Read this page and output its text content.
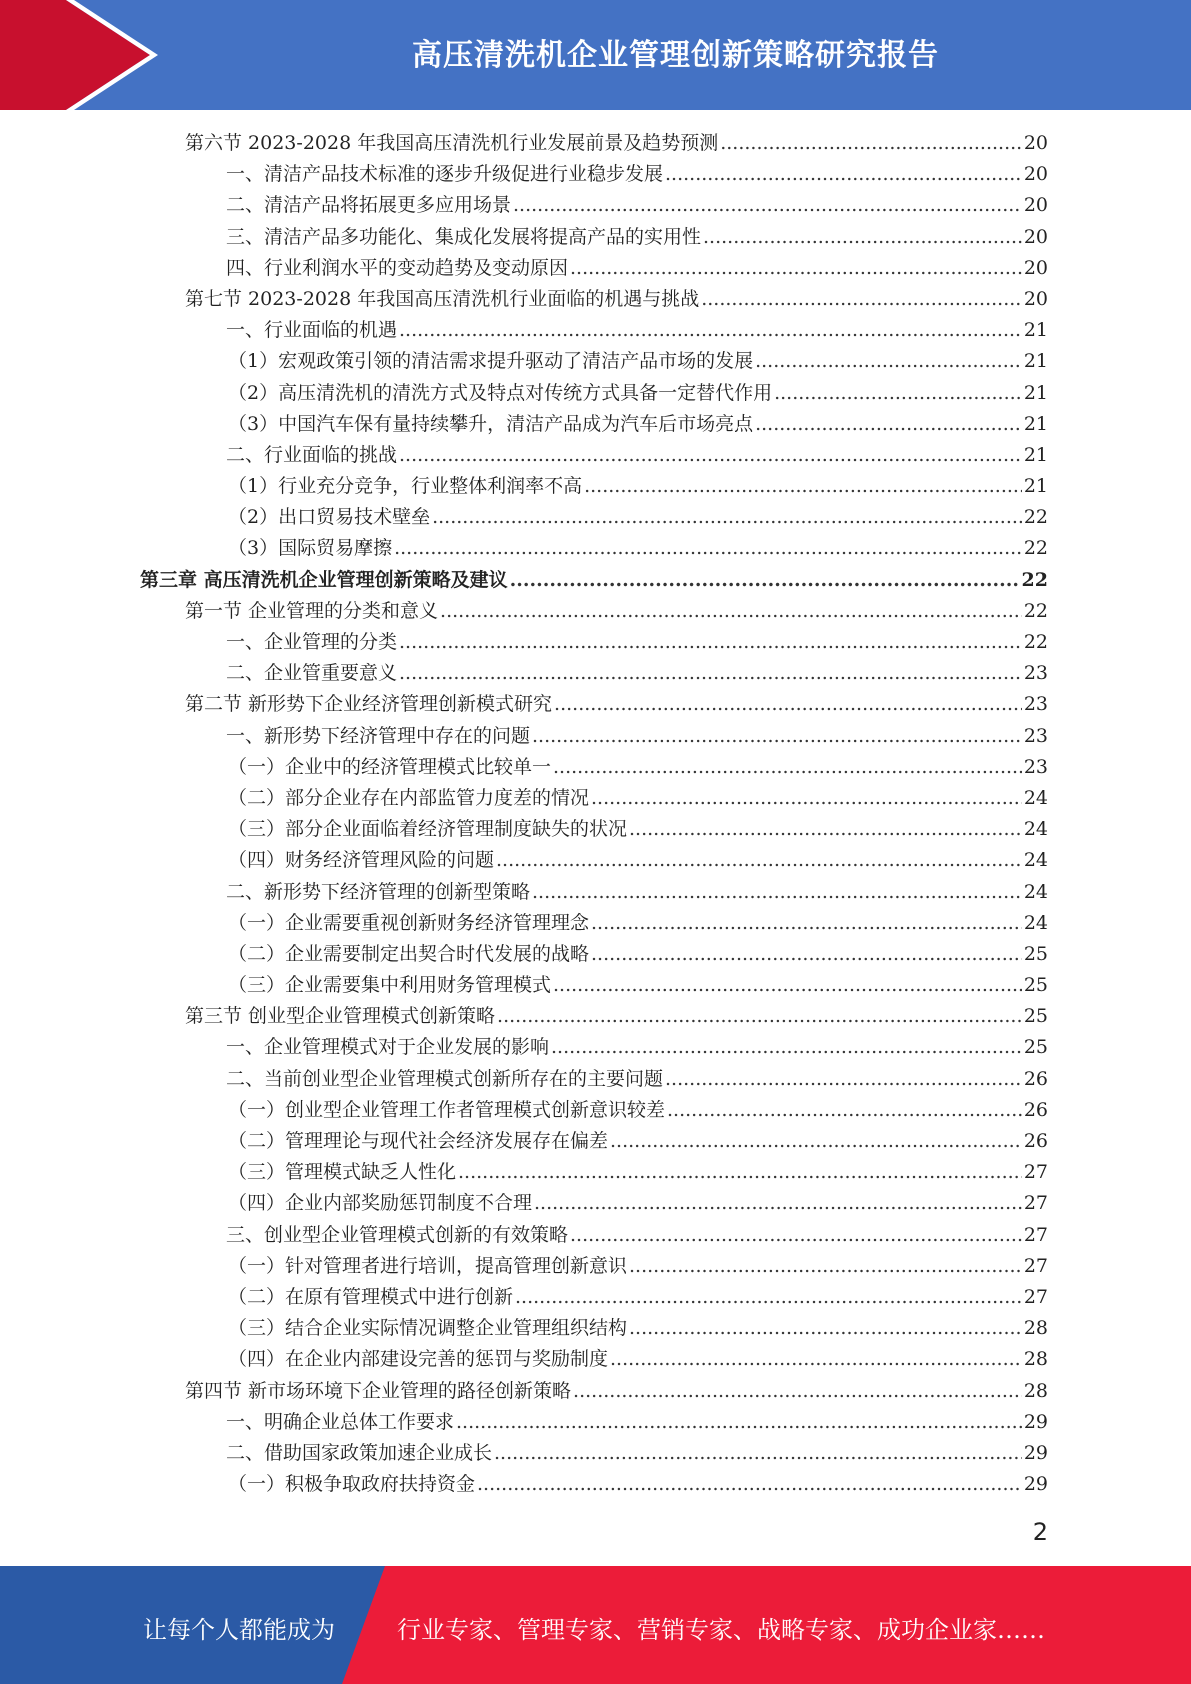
高压清洗机企业管理创新策略研究报告
第六节 2023-2028 年我国高压清洗机行业发展前景及趋势预测 .....	20
一、清洁产品技术标准的逐步升级促进行业稳步发展 .....	20
二、清洁产品将拓展更多应用场景 .....	20
三、清洁产品多功能化、集成化发展将提高产品的实用性 .....	20
四、行业利润水平的变动趋势及变动原因 .....	20
第七节 2023-2028 年我国高压清洗机行业面临的机遇与挑战 .....	20
一、行业面临的机遇 .....	21
（1）宏观政策引领的清洁需求提升驱动了清洁产品市场的发展 .....	21
（2）高压清洗机的清洗方式及特点对传统方式具备一定替代作用 .....	21
（3）中国汽车保有量持续攀升，清洁产品成为汽车后市场亮点 .....	21
二、行业面临的挑战 .....	21
（1）行业充分竞争，行业整体利润率不高 .....	21
（2）出口贸易技术壁垒 .....	22
（3）国际贸易摩擦 .....	22
第三章 高压清洗机企业管理创新策略及建议 .....	22
第一节 企业管理的分类和意义 .....	22
一、企业管理的分类 .....	22
二、企业管重要意义 .....	23
第二节 新形势下企业经济管理创新模式研究 .....	23
一、新形势下经济管理中存在的问题 .....	23
（一）企业中的经济管理模式比较单一 .....	23
（二）部分企业存在内部监管力度差的情况 .....	24
（三）部分企业面临着经济管理制度缺失的状况 .....	24
（四）财务经济管理风险的问题 .....	24
二、新形势下经济管理的创新型策略 .....	24
（一）企业需要重视创新财务经济管理理念 .....	24
（二）企业需要制定出契合时代发展的战略 .....	25
（三）企业需要集中利用财务管理模式 .....	25
第三节 创业型企业管理模式创新策略 .....	25
一、企业管理模式对于企业发展的影响 .....	25
二、当前创业型企业管理模式创新所存在的主要问题 .....	26
（一）创业型企业管理工作者管理模式创新意识较差 .....	26
（二）管理理论与现代社会经济发展存在偏差 .....	26
（三）管理模式缺乏人性化 .....	27
（四）企业内部奖励惩罚制度不合理 .....	27
三、创业型企业管理模式创新的有效策略 .....	27
（一）针对管理者进行培训，提高管理创新意识 .....	27
（二）在原有管理模式中进行创新 .....	27
（三）结合企业实际情况调整企业管理组织结构 .....	28
（四）在企业内部建设完善的惩罚与奖励制度 .....	28
第四节 新市场环境下企业管理的路径创新策略 .....	28
一、明确企业总体工作要求 .....	29
二、借助国家政策加速企业成长 .....	29
（一）积极争取政府扶持资金 .....	29
2
让每个人都能成为	行业专家、管理专家、营销专家、战略专家、成功企业家……
